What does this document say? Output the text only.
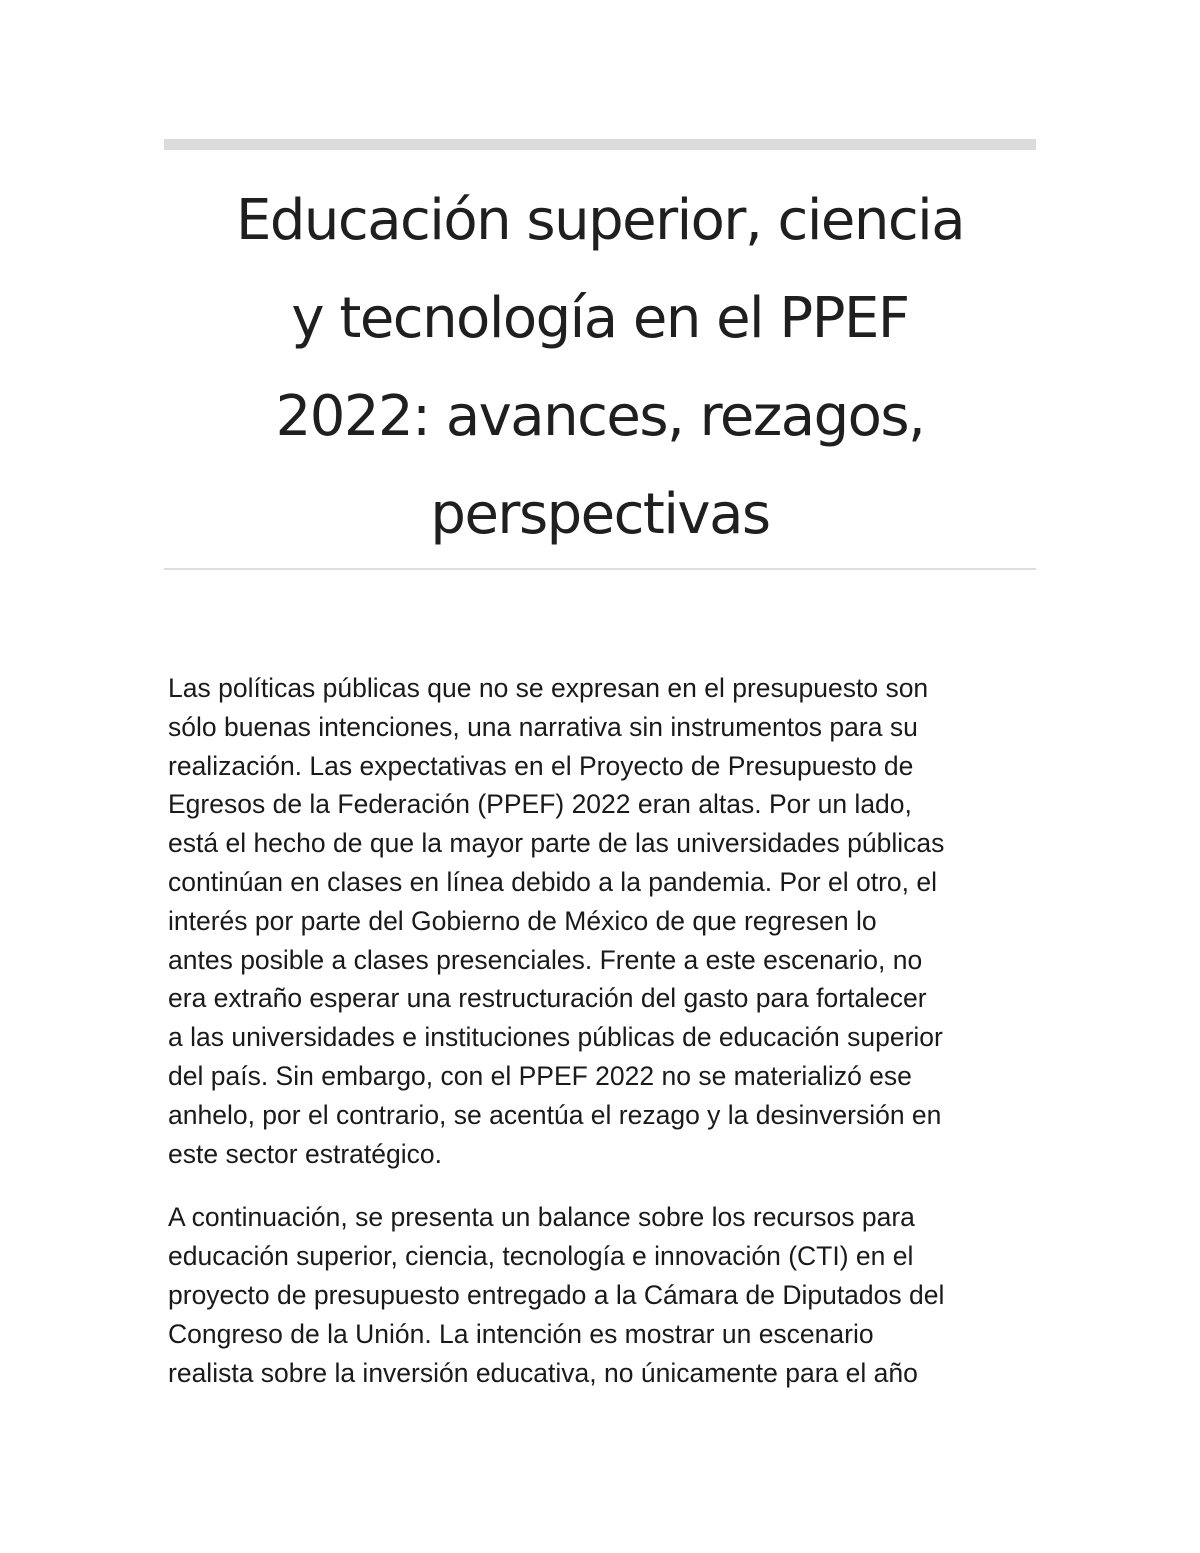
Educación superior, ciencia
y tecnología en el PPEF
2022: avances, rezagos,
perspectivas

Las políticas públicas que no se expresan en el presupuesto son
sólo buenas intenciones, una narrativa sin instrumentos para su
realización. Las expectativas en el Proyecto de Presupuesto de
Egresos de la Federación (PPEF) 2022 eran altas. Por un lado,
está el hecho de que la mayor parte de las universidades públicas
continúan en clases en línea debido a la pandemia. Por el otro, el
interés por parte del Gobierno de México de que regresen lo
antes posible a clases presenciales. Frente a este escenario, no
era extraño esperar una restructuración del gasto para fortalecer
a las universidades e instituciones públicas de educación superior
del país. Sin embargo, con el PPEF 2022 no se materializó ese
anhelo, por el contrario, se acentúa el rezago y la desinversión en
este sector estratégico.

A continuación, se presenta un balance sobre los recursos para
educación superior, ciencia, tecnología e innovación (CTI) en el
proyecto de presupuesto entregado a la Cámara de Diputados del
Congreso de la Unión. La intención es mostrar un escenario
realista sobre la inversión educativa, no únicamente para el año
